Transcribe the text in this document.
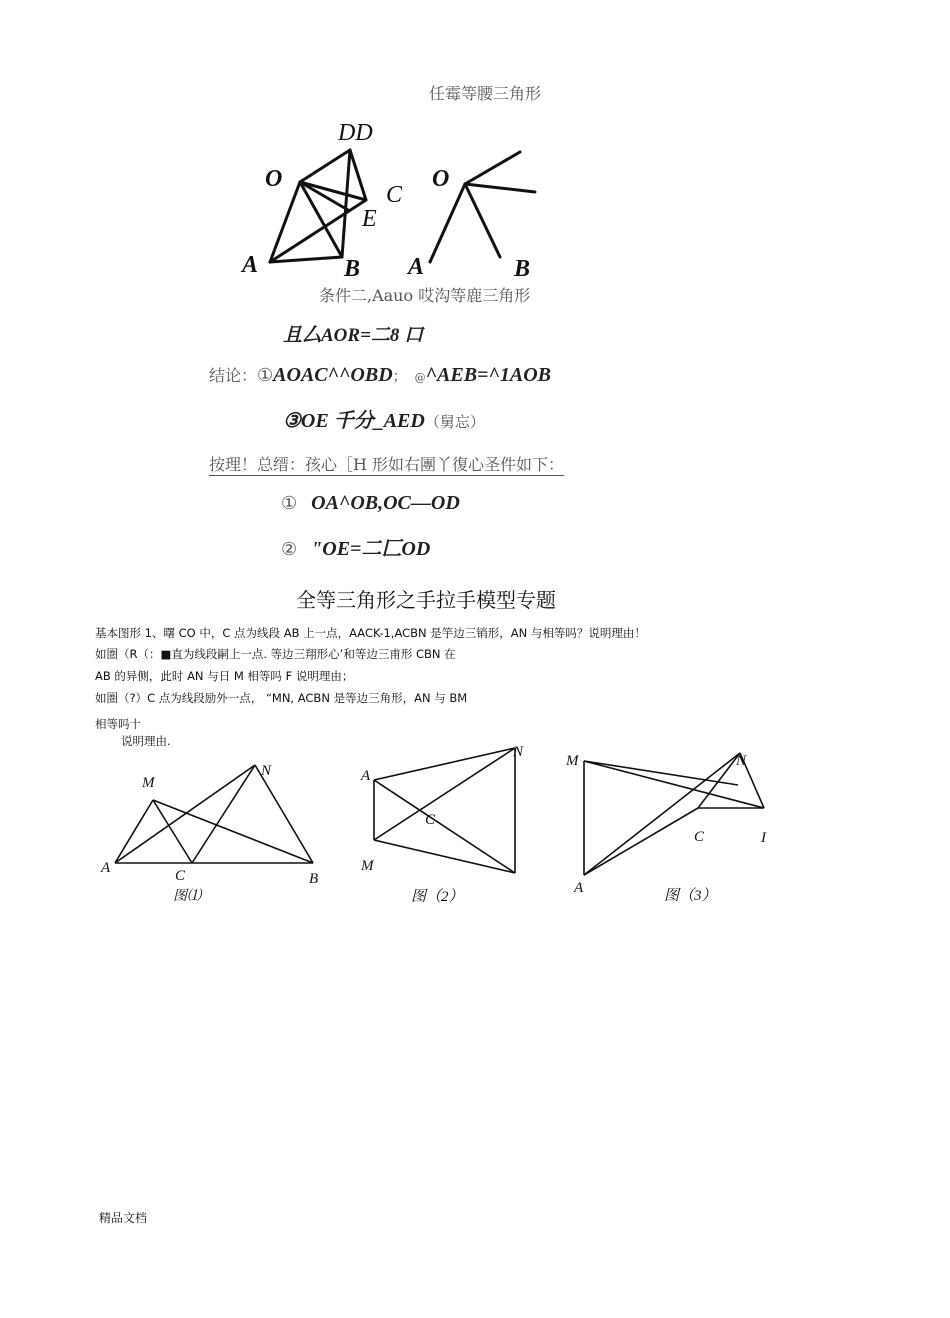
任霉等腰三角形
DD
O
C
E
A	B
O
A	B
条件二,Aauo 哎沟等鹿三角形
且厶AOR=二8 口
结论：①AOAC^^OBD； @^AEB=^1AOB
③OE 千分_AED（舅忘）
按理！总缙：孩心［H 形如右團丫復心圣件如下：
① OA^OB,OC—OD
② "OE=二匚OD
全等三角形之手拉手模型专题
基本图形 1、曙 CO 中，C 点为线段 AB 上一点，AACK-1,ACBN 是竽边三销形，AN 与相等吗？说明理由！
如圏（R（：■直为线段嗣上一点. 等边三翔形心’和等边三甫形 CBN 在
AB 的异侧，此时 AN 与日 M 相等吗 F 说明理由；
如圏（?）C 点为线段励外一点， “MN, ACBN 是等边三角形，AN 与 BM
相等吗十
说明理由.
M
N
A	C	B
图⑴
A
N
C
M
图（2）
M	N
C	I
A	图（3）
精品文档
